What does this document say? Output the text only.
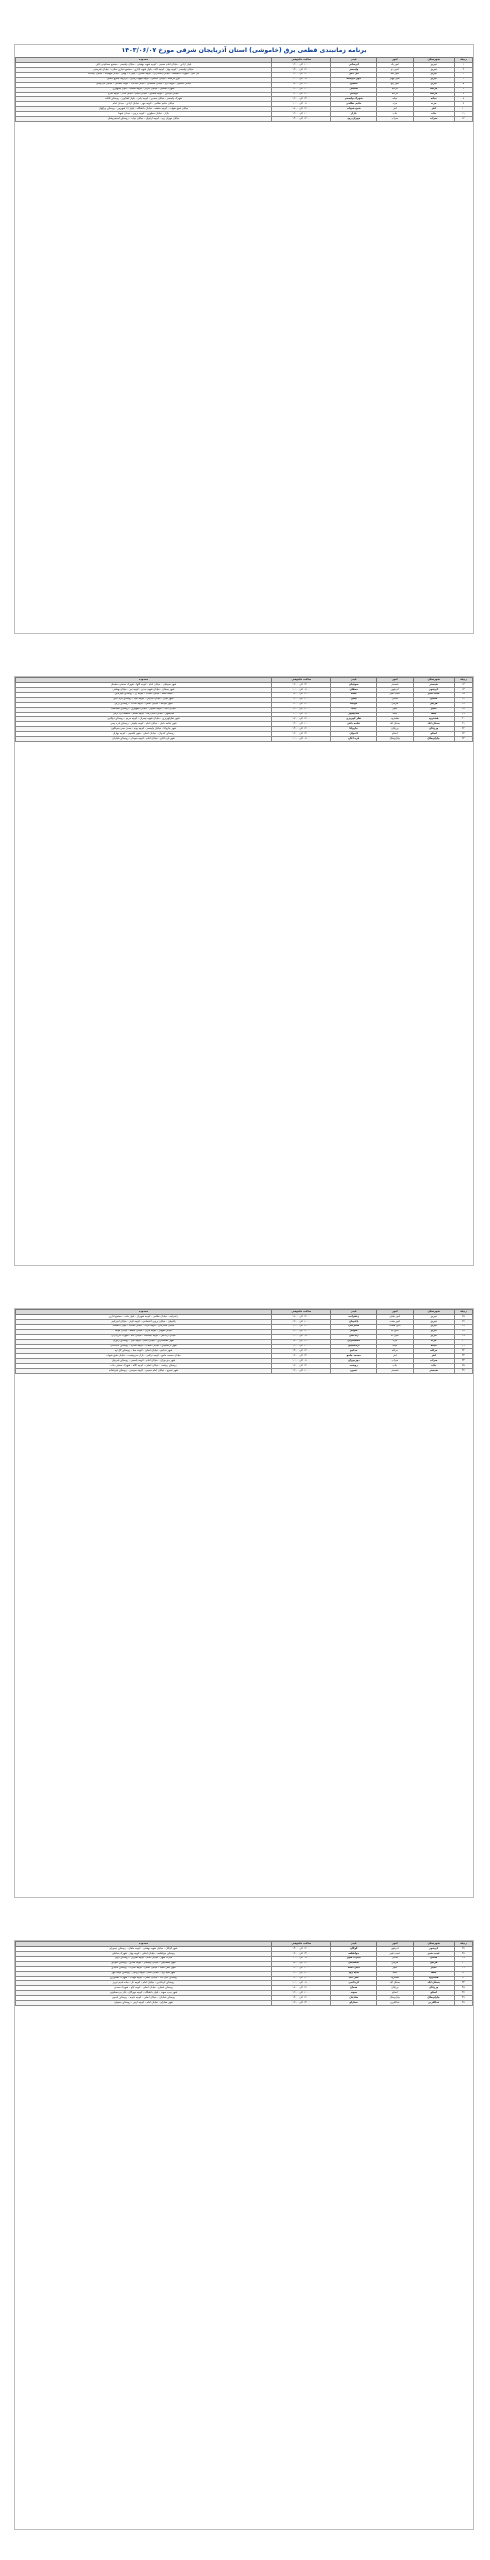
برنامه زمانبندی قطعی برق (خاموشی) استان آذربایجان شرقی مورخ ۱۴۰۳/۰۶/۰۷
ردیف	شهرستان	امور	فیدر	ساعت خاموشی	محدوده
۱	تبریز	امور یک	آبرسانی	۱۰:۰۰ الی ۱۲:۰۰	بلوار آزادی - خیابان امام خمینی - کوچه شهید بهشتی - خیابان ولیعصر - مجتمع مسکونی نگین
۲	تبریز	امور دو	ولیعصر	۱۲:۰۰ الی ۱۴:۰۰	خیابان ولیعصر - کوچه بهار - کوچه لاله - بلوار شهید باکری - مجتمع تجاری ستاره - خیابان شریعتی
۳	تبریز	امور سه	ائل گلی	۱۴:۰۰ الی ۱۶:۰۰	ائل گلی - شهرک باغمیشه - خیابان پاسداران - کوچه نسترن - بلوار ۲۹ بهمن - میدان فهمیده - خیابان رسالت
۴	تبریز	امور چهار	کوی فرشته	۰۸:۰۰ الی ۱۰:۰۰	کوی فرشته - خیابان عباسی - کوچه شهید رجایی - بازارچه صنایع دستی
۵	تبریز	امور پنج	منصور	۱۶:۰۰ الی ۱۸:۰۰	خیابان منصور - کوچه ارم - خیابان طالقانی - میدان ساعت - کوچه گلستان - خیابان فردوسی
۶	مراغه	مراغه	صنعتی	۱۰:۰۰ الی ۱۲:۰۰	شهرک صنعتی - خیابان کارگر - کوچه صنعت - بلوار جمهوری
۷	مراغه	مراغه	اوحدی	۱۲:۰۰ الی ۱۴:۰۰	خیابان اوحدی - کوچه شقایق - خیابان خیام - میدان مادر - کوچه سرو
۸	میانه	میانه	شهرک ولیعصر	۱۴:۰۰ الی ۱۶:۰۰	شهرک ولیعصر - خیابان سعدی - کوچه یاس - بلوار کشاورز - روستای آقکند
۹	مرند	مرند	حکیم نظامی	۰۸:۰۰ الی ۱۰:۰۰	خیابان حکیم نظامی - کوچه مهر - خیابان آزادی - میدان امام
۱۰	اهر	اهر	شیخ شهاب	۱۶:۰۰ الی ۱۸:۰۰	خیابان شیخ شهاب - کوچه بنفشه - خیابان دانشگاه - بلوار ۱۷ شهریور - روستای ورگهان
۱۱	بناب	بناب	بازار	۱۰:۰۰ الی ۱۲:۰۰	بازار - خیابان مطهری - کوچه پروین - میدان شهدا
۱۲	سراب	سراب	مهران رود	۱۲:۰۰ الی ۱۴:۰۰	خیابان مهران رود - کوچه ارغوان - خیابان نواب - روستای اسبفروشان
ردیف	شهرستان	امور	فیدر	ساعت خاموشی	محدوده
۱۳	شبستر	شبستر	صوفیان	۱۴:۰۰ الی ۱۶:۰۰	شهر صوفیان - خیابان امام - کوچه گلها - شهرک صنعتی سلیمان
۱۴	آذرشهر	آذرشهر	ممقان	۰۸:۰۰ الی ۱۰:۰۰	شهر ممقان - خیابان شهید مدنی - کوچه نور - خیابان بهشتی
۱۵	عجب شیر	عجب شیر	قلعه	۱۶:۰۰ الی ۱۸:۰۰	محله قلعه - خیابان انقلاب - کوچه رز - روستای شیرامین
۱۶	ملکان	ملکان	لیلان	۱۰:۰۰ الی ۱۲:۰۰	شهر لیلان - خیابان مدرس - کوچه امید - روستای قره آغاج
۱۷	هریس	هریس	خواجه	۱۲:۰۰ الی ۱۴:۰۰	شهر خواجه - خیابان اصلی - کوچه آفتاب - روستای زرنق
۱۸	کلیبر	کلیبر	بابک	۱۴:۰۰ الی ۱۶:۰۰	خیابان بابک - کوچه صنوبر - خیابان جمهوری - روستای آبشاحمد
۱۹	جلفا	جلفا	هادیشهر	۰۸:۰۰ الی ۱۰:۰۰	هادیشهر - خیابان امام رضا - کوچه شبنم - منطقه آزاد ارس
۲۰	هشترود	هشترود	نظر کهریزی	۱۶:۰۰ الی ۱۸:۰۰	شهر نظرکهریزی - خیابان شهید چمران - کوچه مریم - روستای ذوالبین
۲۱	بستان آباد	بستان آباد	تیکمه داش	۱۰:۰۰ الی ۱۲:۰۰	شهر تیکمه داش - خیابان امام - کوچه نیلوفر - روستای قره چمن
۲۲	ورزقان	ورزقان	خاروانا	۱۲:۰۰ الی ۱۴:۰۰	شهر خاروانا - خیابان ولیعصر - کوچه پونه - معدن مس سونگون
۲۳	اسکو	اسکو	کندوان	۱۴:۰۰ الی ۱۶:۰۰	روستای کندوان - خیابان اصلی - شهر ایلخچی - کوچه بهاران
۲۴	چاراویماق	چاراویماق	قره آغاج	۰۸:۰۰ الی ۱۰:۰۰	شهر قره آغاج - خیابان امام - کوچه سپیدار - روستای شادیان
ردیف	شهرستان	امور	فیدر	ساعت خاموشی	محدوده
۲۵	تبریز	امور شش	زعفرانیه	۱۶:۰۰ الی ۱۸:۰۰	زعفرانیه - خیابان نظامی - کوچه شهریار - بلوار ملت - مجتمع اداری
۲۶	تبریز	امور هفت	یاغچیان	۱۰:۰۰ الی ۱۲:۰۰	یاغچیان - خیابان پروین اعتصامی - کوچه کوثر - خیابان امیرکبیر
۲۷	تبریز	امور هشت	ستارخان	۱۲:۰۰ الی ۱۴:۰۰	خیابان ستارخان - کوچه مژده - خیابان صائب - بلوار دانشگاه
۲۸	تبریز	امور نه	شهناز	۱۴:۰۰ الی ۱۶:۰۰	خیابان شهناز - کوچه باران - خیابان حافظ - میدان قونقا
۲۹	تبریز	امور ده	راه آهن	۰۸:۰۰ الی ۱۰:۰۰	خیابان راه آهن - کوچه ایستگاه - خیابان لاله - شهرک مرزداران
۳۰	مرند	مرند	کشکسرای	۱۶:۰۰ الی ۱۸:۰۰	شهر کشکسرای - خیابان امام - کوچه افرا - روستای زنوزق
۳۱	میانه	میانه	ترکمنچای	۱۰:۰۰ الی ۱۲:۰۰	شهر ترکمنچای - خیابان انقلاب - کوچه ستاره - روستای کاغذکنان
۳۲	مراغه	مراغه	خداجو	۱۲:۰۰ الی ۱۴:۰۰	شهر خداجو - خیابان اصلی - کوچه صبا - روستای گل تپه
۳۳	اهر	اهر	مسجد جامع	۱۴:۰۰ الی ۱۶:۰۰	خیابان مسجد جامع - کوچه نرگس - بازار سرپوشیده - خیابان شیخ شهاب
۳۴	سراب	سراب	دوزدوزان	۰۸:۰۰ الی ۱۰:۰۰	شهر دوزدوزان - خیابان امام - کوچه یاسمن - روستای شربیان
۳۵	بناب	بناب	روشت	۱۶:۰۰ الی ۱۸:۰۰	روستای روشت - خیابان اصلی - کوچه آلاله - شهرک صنعتی بناب
۳۶	شبستر	شبستر	تسوج	۱۰:۰۰ الی ۱۲:۰۰	شهر تسوج - خیابان امام خمینی - کوچه سوسن - روستای شرفخانه
ردیف	شهرستان	امور	فیدر	ساعت خاموشی	محدوده
۳۷	آذرشهر	آذرشهر	گوگان	۱۲:۰۰ الی ۱۴:۰۰	شهر گوگان - خیابان شهید بهشتی - کوچه ماهان - روستای تیمورلو
۳۸	عجب شیر	عجب شیر	جوانقلعه	۱۴:۰۰ الی ۱۶:۰۰	روستای جوانقلعه - خیابان اصلی - کوچه بهار - شهرک ساحلی
۳۹	ملکان	ملکان	مبارک شهر	۰۸:۰۰ الی ۱۰:۰۰	مبارک شهر - خیابان امام - کوچه شیرین - روستای آروق
۴۰	هریس	هریس	بخشایش	۱۶:۰۰ الی ۱۸:۰۰	شهر بخشایش - خیابان ولیعصر - کوچه شادی - روستای کلوانق
۴۱	کلیبر	کلیبر	آبش احمد	۱۰:۰۰ الی ۱۲:۰۰	شهر آبش احمد - خیابان اصلی - کوچه گلبرگ - روستای مکیدی
۴۲	جلفا	جلفا	سیه رود	۱۲:۰۰ الی ۱۴:۰۰	شهر سیه رود - خیابان امام - کوچه رودبار - روستای نوجه مهر
۴۳	هشترود	هشترود	علی آباد	۱۴:۰۰ الی ۱۶:۰۰	روستای علی آباد - خیابان اصلی - کوچه مهتاب - شهرک کشاورزی
۴۴	بستان آباد	بستان آباد	کردکندی	۰۸:۰۰ الی ۱۰:۰۰	روستای کردکندی - خیابان امام - کوچه ناز - جاده قدیم تبریز
۴۵	ورزقان	ورزقان	شجاع	۱۶:۰۰ الی ۱۸:۰۰	روستای شجاع - خیابان اصلی - کوچه کاج - شهرک معدنی
۴۶	اسکو	اسکو	سهند	۱۰:۰۰ الی ۱۲:۰۰	شهر جدید سهند - بلوار دانشگاه - کوچه مهرگان - فاز دو مسکونی
۴۷	چاراویماق	چاراویماق	شادیان	۱۲:۰۰ الی ۱۴:۰۰	روستای شادیان - خیابان اصلی - کوچه بابونه - روستای یامچی
۴۸	خداآفرین	خداآفرین	خمارلو	۱۴:۰۰ الی ۱۶:۰۰	شهر خمارلو - خیابان امام - کوچه ارس - روستای منجوان
